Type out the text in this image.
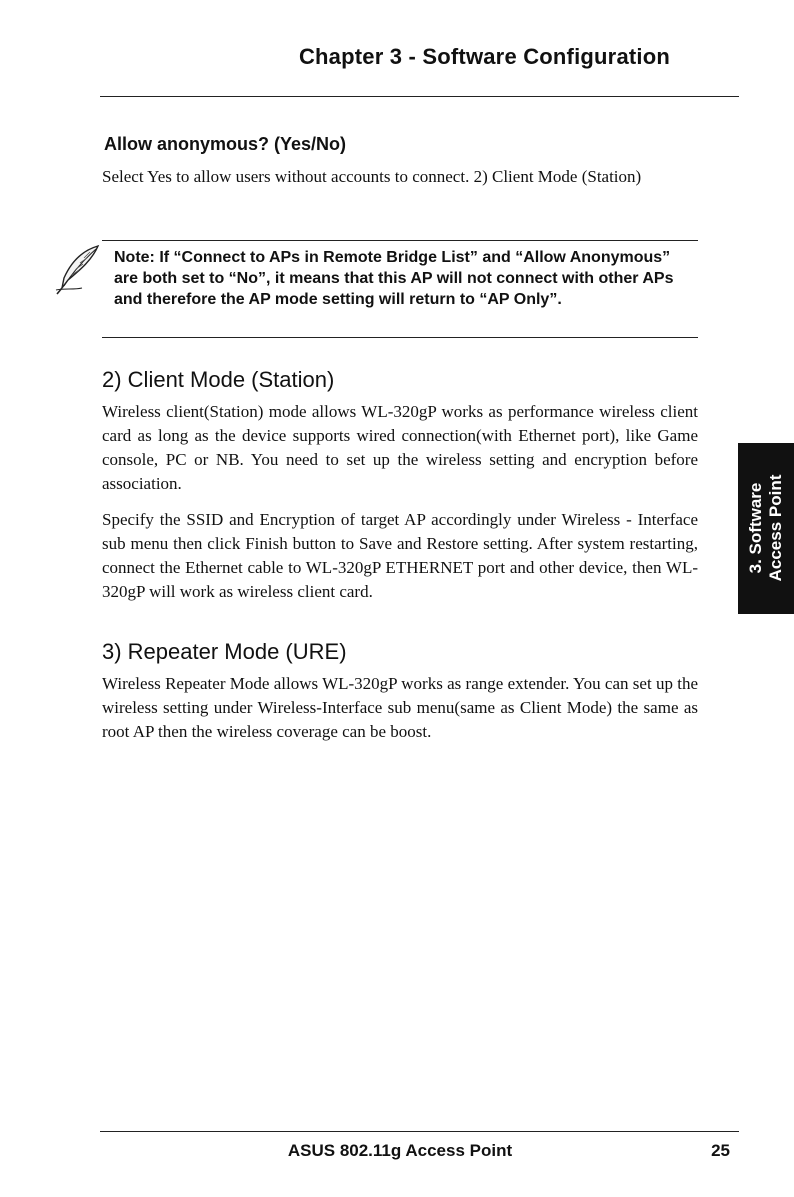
Chapter 3 - Software Configuration
Allow anonymous? (Yes/No)

Select Yes to allow users without accounts to connect. 2) Client Mode (Station)

Note: If “Connect to APs in Remote Bridge List” and “Allow Anonymous” are both set to “No”, it means that this AP will not connect with other APs and therefore the AP mode setting will return to “AP Only”.

2) Client Mode (Station)

Wireless client(Station) mode allows WL-320gP works as performance wireless client card as long as the device supports wired connection(with Ethernet port), like Game console, PC or NB. You need to set up the wireless setting and encryption before association.

Specify the SSID and Encryption of target AP accordingly under Wireless - Interface sub menu then click Finish button to Save and Restore setting. After system restarting, connect the Ethernet cable to WL-320gP ETHERNET port and other device, then WL-320gP will work as wireless client card.

3) Repeater Mode (URE)

Wireless Repeater Mode allows WL-320gP works as range extender. You can set up the wireless setting under Wireless-Interface sub menu(same as Client Mode) the same as root AP then the wireless coverage can be boost.

3. Software Access Point
ASUS 802.11g Access Point	25
